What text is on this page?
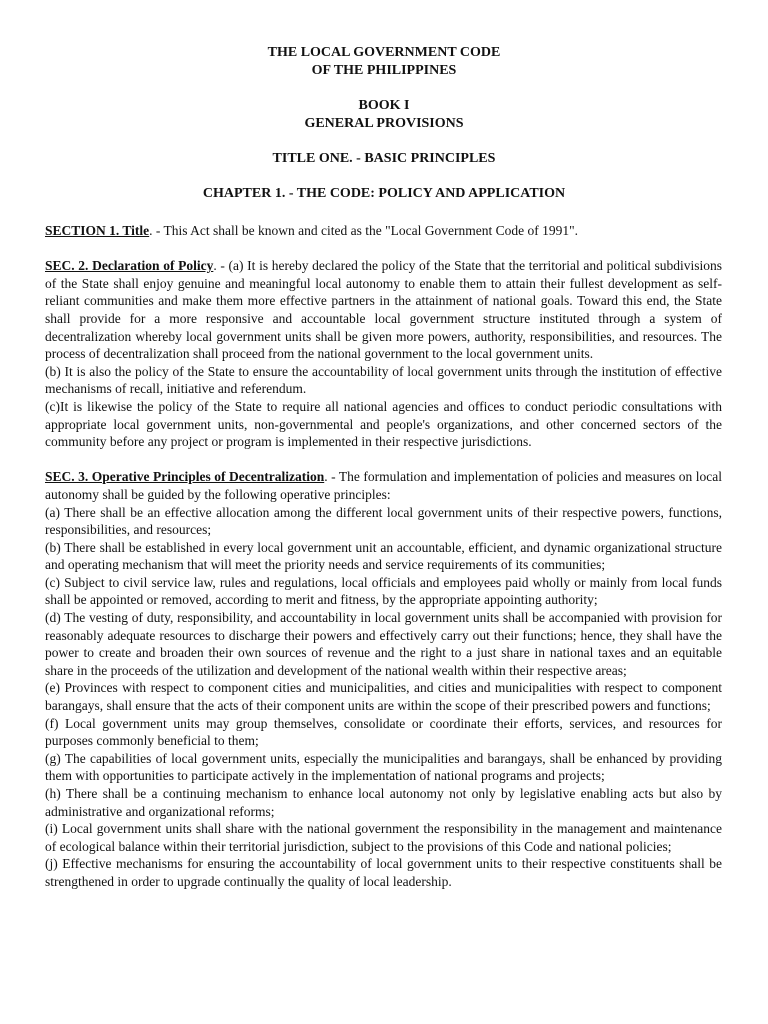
THE LOCAL GOVERNMENT CODE
OF THE PHILIPPINES
BOOK I
GENERAL PROVISIONS
TITLE ONE. - BASIC PRINCIPLES
CHAPTER 1. - THE CODE: POLICY AND APPLICATION

SECTION 1. Title. - This Act shall be known and cited as the "Local Government Code of 1991".

SEC. 2. Declaration of Policy. - (a) It is hereby declared the policy of the State that the territorial and political subdivisions of the State shall enjoy genuine and meaningful local autonomy to enable them to attain their fullest development as self-reliant communities and make them more effective partners in the attainment of national goals. Toward this end, the State shall provide for a more responsive and accountable local government structure instituted through a system of decentralization whereby local government units shall be given more powers, authority, responsibilities, and resources. The process of decentralization shall proceed from the national government to the local government units.

(b) It is also the policy of the State to ensure the accountability of local government units through the institution of effective mechanisms of recall, initiative and referendum.

(c)It is likewise the policy of the State to require all national agencies and offices to conduct periodic consultations with appropriate local government units, non-governmental and people's organizations, and other concerned sectors of the community before any project or program is implemented in their respective jurisdictions.

SEC. 3. Operative Principles of Decentralization. - The formulation and implementation of policies and measures on local autonomy shall be guided by the following operative principles:

(a) There shall be an effective allocation among the different local government units of their respective powers, functions, responsibilities, and resources;

(b) There shall be established in every local government unit an accountable, efficient, and dynamic organizational structure and operating mechanism that will meet the priority needs and service requirements of its communities;

(c) Subject to civil service law, rules and regulations, local officials and employees paid wholly or mainly from local funds shall be appointed or removed, according to merit and fitness, by the appropriate appointing authority;

(d) The vesting of duty, responsibility, and accountability in local government units shall be accompanied with provision for reasonably adequate resources to discharge their powers and effectively carry out their functions; hence, they shall have the power to create and broaden their own sources of revenue and the right to a just share in national taxes and an equitable share in the proceeds of the utilization and development of the national wealth within their respective areas;

(e) Provinces with respect to component cities and municipalities, and cities and municipalities with respect to component barangays, shall ensure that the acts of their component units are within the scope of their prescribed powers and functions;

(f) Local government units may group themselves, consolidate or coordinate their efforts, services, and resources for purposes commonly beneficial to them;

(g) The capabilities of local government units, especially the municipalities and barangays, shall be enhanced by providing them with opportunities to participate actively in the implementation of national programs and projects;

(h) There shall be a continuing mechanism to enhance local autonomy not only by legislative enabling acts but also by administrative and organizational reforms;

(i) Local government units shall share with the national government the responsibility in the management and maintenance of ecological balance within their territorial jurisdiction, subject to the provisions of this Code and national policies;

(j) Effective mechanisms for ensuring the accountability of local government units to their respective constituents shall be strengthened in order to upgrade continually the quality of local leadership.
